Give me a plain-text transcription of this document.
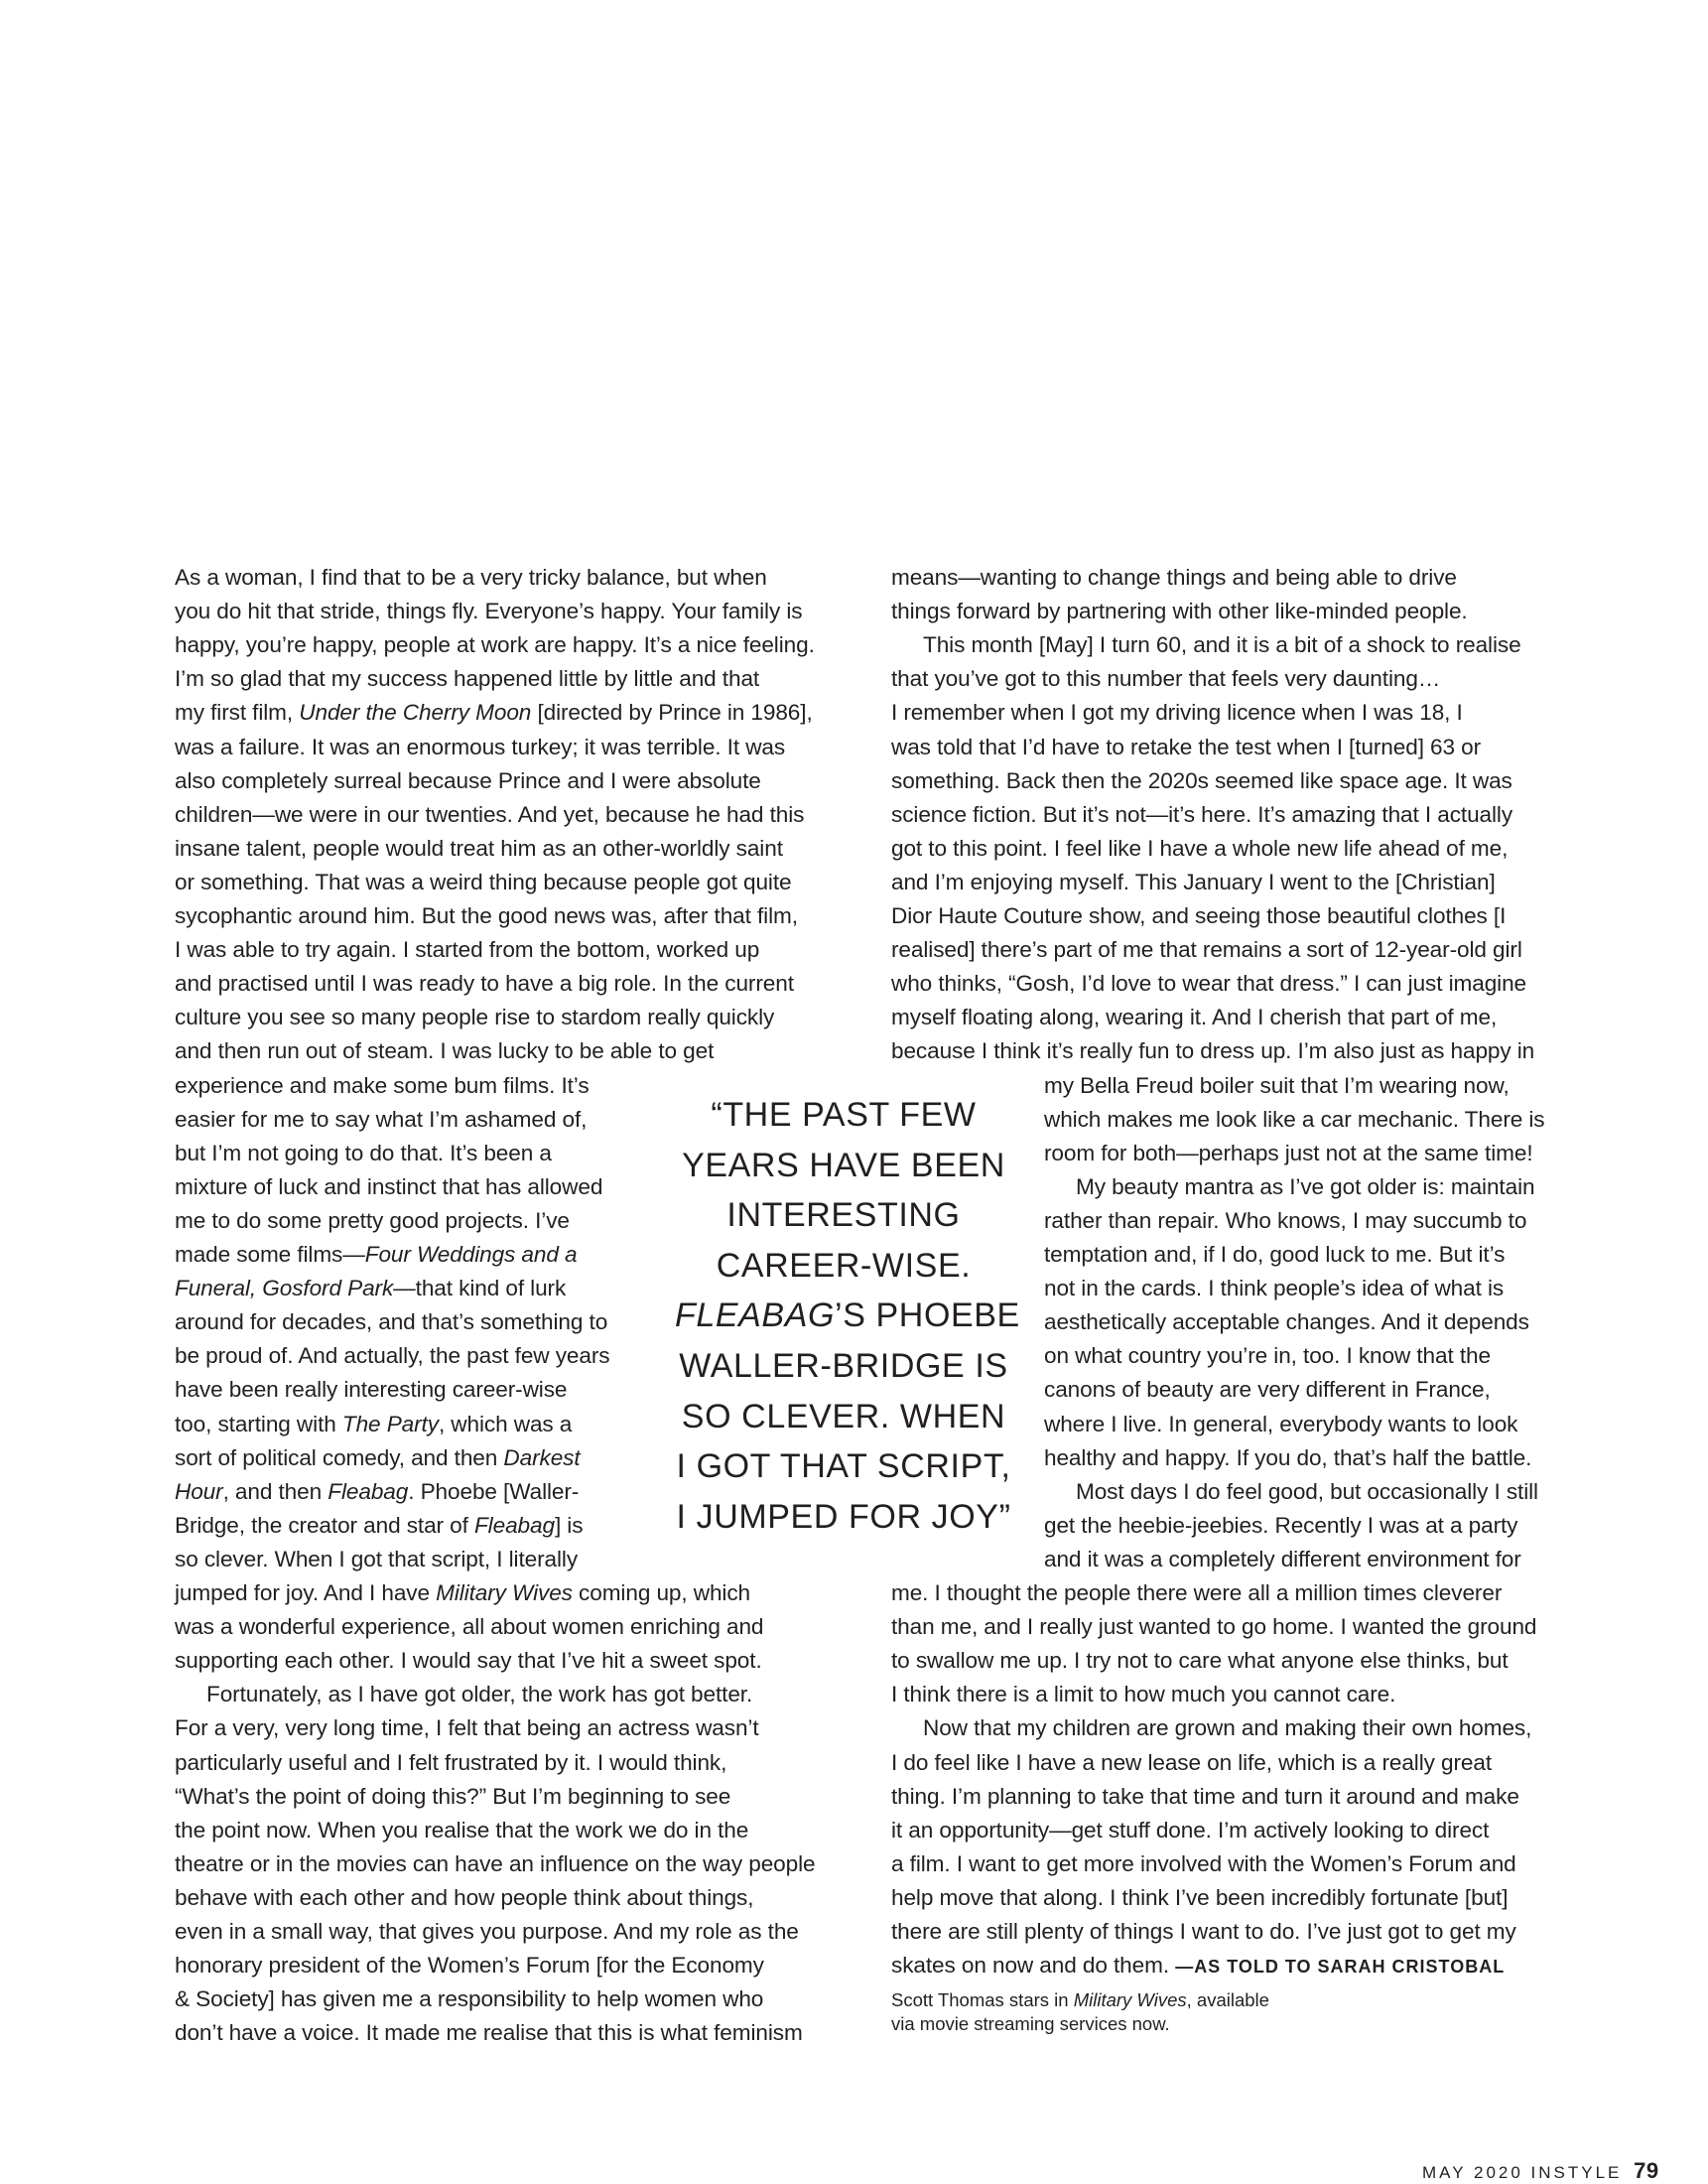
As a woman, I find that to be a very tricky balance, but when
you do hit that stride, things fly. Everyone’s happy. Your family is
happy, you’re happy, people at work are happy. It’s a nice feeling.
I’m so glad that my success happened little by little and that
my first film, Under the Cherry Moon [directed by Prince in 1986],
was a failure. It was an enormous turkey; it was terrible. It was
also completely surreal because Prince and I were absolute
children—we were in our twenties. And yet, because he had this
insane talent, people would treat him as an other-worldly saint
or something. That was a weird thing because people got quite
sycophantic around him. But the good news was, after that film,
I was able to try again. I started from the bottom, worked up
and practised until I was ready to have a big role. In the current
culture you see so many people rise to stardom really quickly
and then run out of steam. I was lucky to be able to get
experience and make some bum films. It’s
easier for me to say what I’m ashamed of,
but I’m not going to do that. It’s been a
mixture of luck and instinct that has allowed
me to do some pretty good projects. I’ve
made some films—Four Weddings and a
Funeral, Gosford Park—that kind of lurk
around for decades, and that’s something to
be proud of. And actually, the past few years
have been really interesting career-wise
too, starting with The Party, which was a
sort of political comedy, and then Darkest
Hour, and then Fleabag. Phoebe [Waller-
Bridge, the creator and star of Fleabag] is
so clever. When I got that script, I literally
jumped for joy. And I have Military Wives coming up, which
was a wonderful experience, all about women enriching and
supporting each other. I would say that I’ve hit a sweet spot.
Fortunately, as I have got older, the work has got better.
For a very, very long time, I felt that being an actress wasn’t
particularly useful and I felt frustrated by it. I would think,
“What’s the point of doing this?” But I’m beginning to see
the point now. When you realise that the work we do in the
theatre or in the movies can have an influence on the way people
behave with each other and how people think about things,
even in a small way, that gives you purpose. And my role as the
honorary president of the Women’s Forum [for the Economy
& Society] has given me a responsibility to help women who
don’t have a voice. It made me realise that this is what feminism
means—wanting to change things and being able to drive
things forward by partnering with other like-minded people.
This month [May] I turn 60, and it is a bit of a shock to realise
that you’ve got to this number that feels very daunting…
I remember when I got my driving licence when I was 18, I
was told that I’d have to retake the test when I [turned] 63 or
something. Back then the 2020s seemed like space age. It was
science fiction. But it’s not—it’s here. It’s amazing that I actually
got to this point. I feel like I have a whole new life ahead of me,
and I’m enjoying myself. This January I went to the [Christian]
Dior Haute Couture show, and seeing those beautiful clothes [I
realised] there’s part of me that remains a sort of 12-year-old girl
who thinks, “Gosh, I’d love to wear that dress.” I can just imagine
myself floating along, wearing it. And I cherish that part of me,
because I think it’s really fun to dress up. I’m also just as happy in
my Bella Freud boiler suit that I’m wearing now,
which makes me look like a car mechanic. There is
room for both—perhaps just not at the same time!
My beauty mantra as I’ve got older is: maintain
rather than repair. Who knows, I may succumb to
temptation and, if I do, good luck to me. But it’s
not in the cards. I think people’s idea of what is
aesthetically acceptable changes. And it depends
on what country you’re in, too. I know that the
canons of beauty are very different in France,
where I live. In general, everybody wants to look
healthy and happy. If you do, that’s half the battle.
Most days I do feel good, but occasionally I still
get the heebie-jeebies. Recently I was at a party
and it was a completely different environment for
me. I thought the people there were all a million times cleverer
than me, and I really just wanted to go home. I wanted the ground
to swallow me up. I try not to care what anyone else thinks, but
I think there is a limit to how much you cannot care.
Now that my children are grown and making their own homes,
I do feel like I have a new lease on life, which is a really great
thing. I’m planning to take that time and turn it around and make
it an opportunity—get stuff done. I’m actively looking to direct
a film. I want to get more involved with the Women’s Forum and
help move that along. I think I’ve been incredibly fortunate [but]
there are still plenty of things I want to do. I’ve just got to get my
skates on now and do them. —AS TOLD TO SARAH CRISTOBAL
“THE PAST FEW
YEARS HAVE BEEN
INTERESTING
CAREER-WISE.
FLEABAG’S PHOEBE
WALLER-BRIDGE IS
SO CLEVER. WHEN
I GOT THAT SCRIPT,
I JUMPED FOR JOY”
Scott Thomas stars in Military Wives, available
via movie streaming services now.
MAY 2020 INSTYLE 79
